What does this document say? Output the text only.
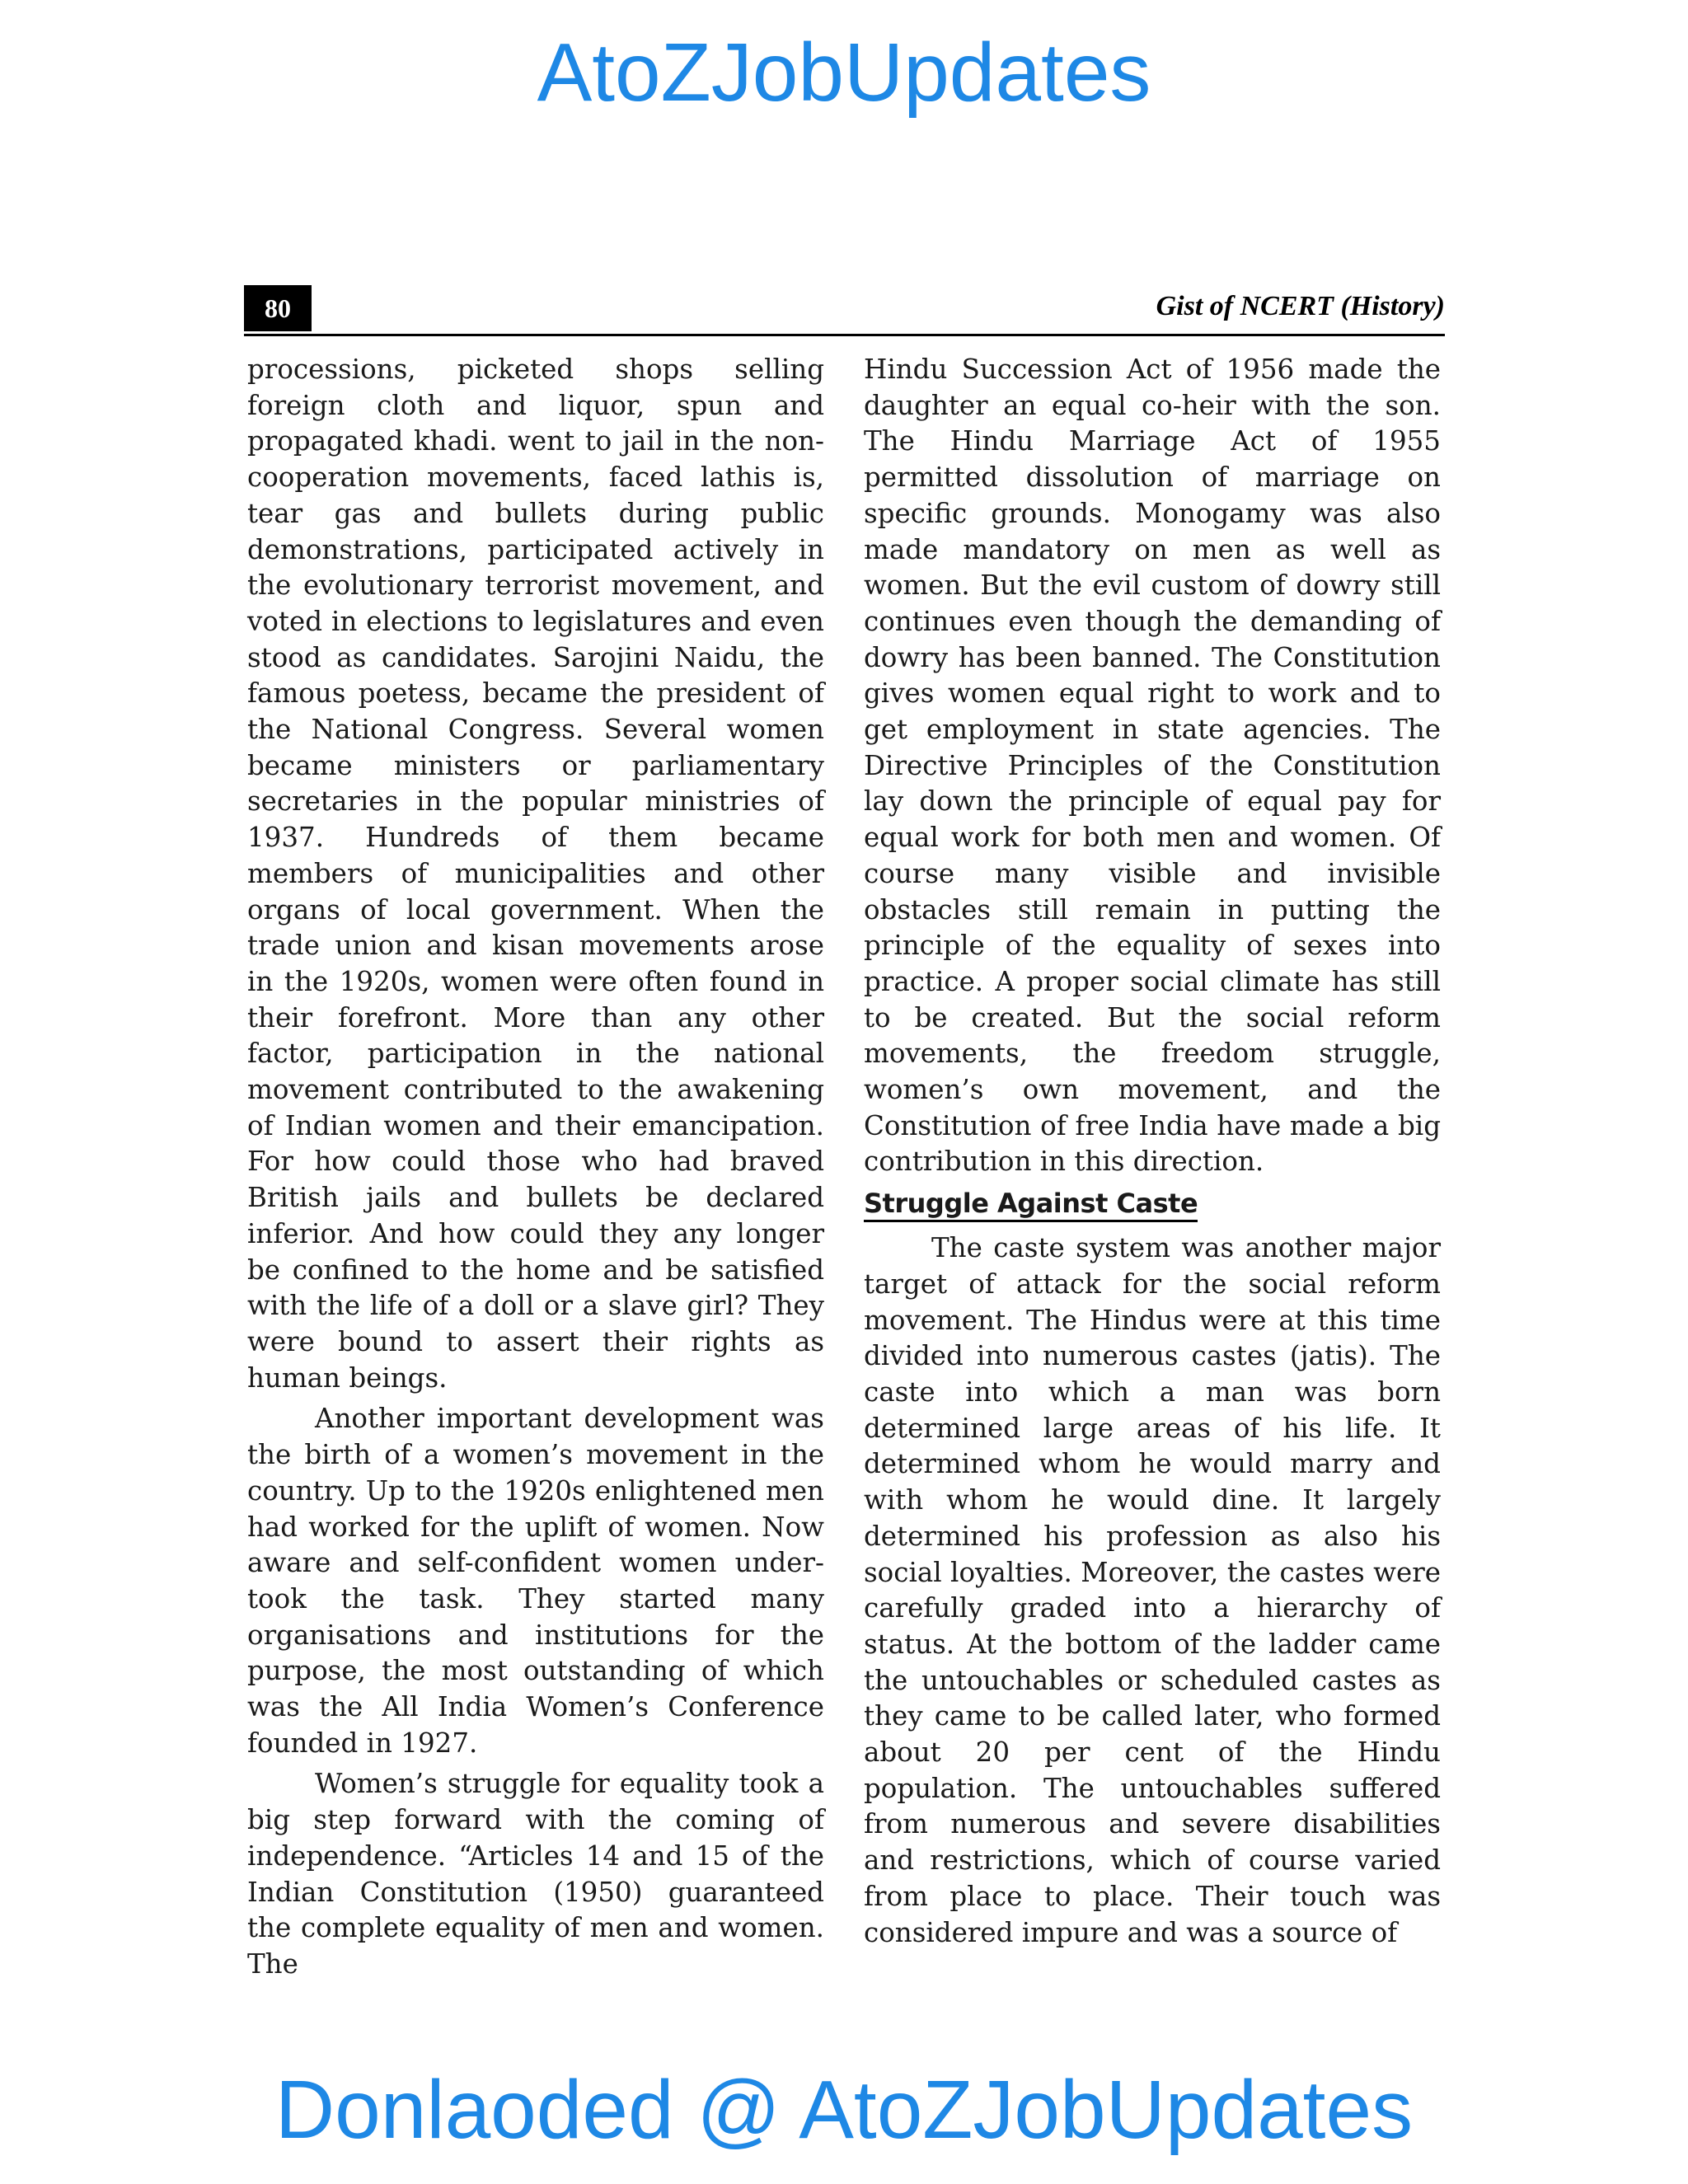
AtoZJobUpdates
80	Gist of NCERT (History)

processions, picketed shops selling foreign cloth and liquor, spun and propagated khadi. went to jail in the non-cooperation movements, faced lathis is, tear gas and bullets during public demonstrations, participated actively in the evolutionary terrorist movement, and voted in elections to legislatures and even stood as candidates. Sarojini Naidu, the famous poetess, became the president of the National Congress. Several women became ministers or parliamentary secretaries in the popular ministries of 1937. Hundreds of them became members of municipalities and other organs of local government. When the trade union and kisan movements arose in the 1920s, women were often found in their forefront. More than any other factor, participation in the national movement contributed to the awakening of Indian women and their emancipation. For how could those who had braved British jails and bullets be declared inferior. And how could they any longer be confined to the home and be satisfied with the life of a doll or a slave girl? They were bound to assert their rights as human beings.

Another important development was the birth of a women’s movement in the country. Up to the 1920s enlightened men had worked for the uplift of women. Now aware and self-confident women under-took the task. They started many organisations and institutions for the purpose, the most outstanding of which was the All India Women’s Conference founded in 1927.

Women’s struggle for equality took a big step forward with the coming of independence. “Articles 14 and 15 of the Indian Constitution (1950) guaranteed the complete equality of men and women. The

Hindu Succession Act of 1956 made the daughter an equal co-heir with the son. The Hindu Marriage Act of 1955 permitted dissolution of marriage on specific grounds. Monogamy was also made mandatory on men as well as women. But the evil custom of dowry still continues even though the demanding of dowry has been banned. The Constitution gives women equal right to work and to get employment in state agencies. The Directive Principles of the Constitution lay down the principle of equal pay for equal work for both men and women. Of course many visible and invisible obstacles still remain in putting the principle of the equality of sexes into practice. A proper social climate has still to be created. But the social reform movements, the freedom struggle, women’s own movement, and the Constitution of free India have made a big contribution in this direction.

Struggle Against Caste

The caste system was another major target of attack for the social reform movement. The Hindus were at this time divided into numerous castes (jatis). The caste into which a man was born determined large areas of his life. It determined whom he would marry and with whom he would dine. It largely determined his profession as also his social loyalties. Moreover, the castes were carefully graded into a hierarchy of status. At the bottom of the ladder came the untouchables or scheduled castes as they came to be called later, who formed about 20 per cent of the Hindu population. The untouchables suffered from numerous and severe disabilities and restrictions, which of course varied from place to place. Their touch was considered impure and was a source of

Donlaoded @ AtoZJobUpdates
